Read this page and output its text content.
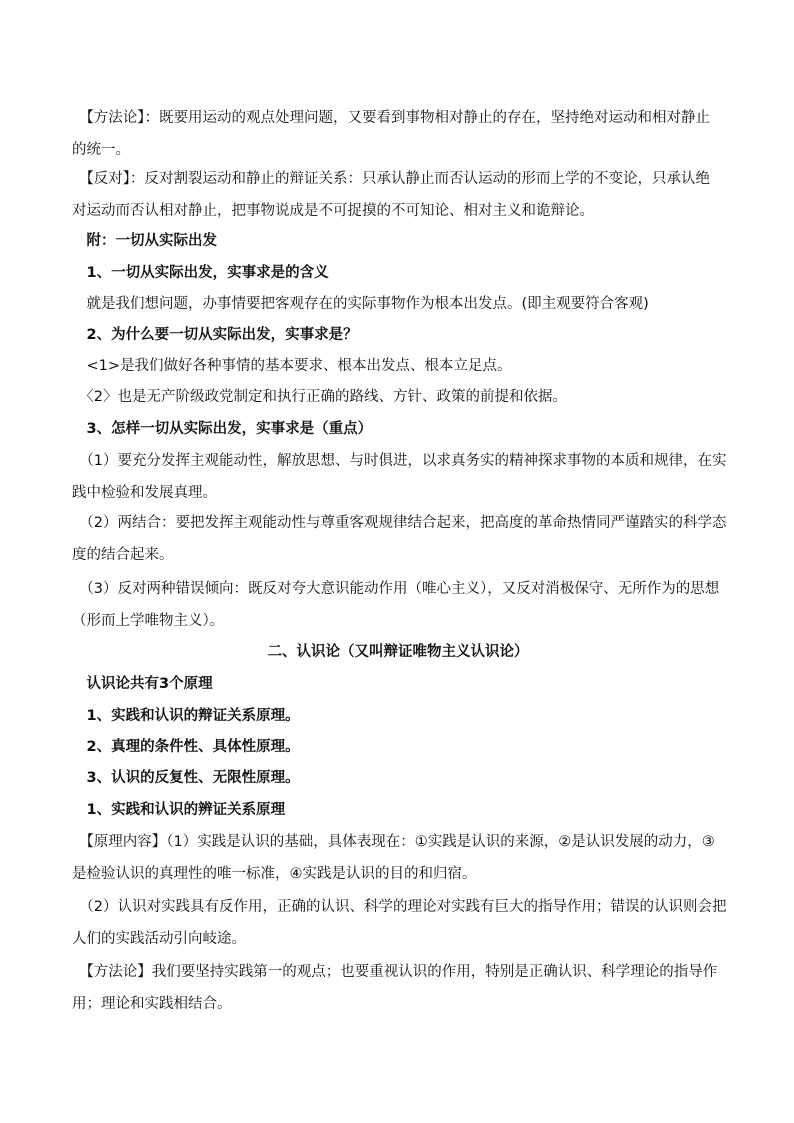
　【方法论】：既要用运动的观点处理问题，又要看到事物相对静止的存在，坚持绝对运动和相对静止
的统一。
　【反对】：反对割裂运动和静止的辩证关系：只承认静止而否认运动的形而上学的不变论，只承认绝
对运动而否认相对静止，把事物说成是不可捉摸的不可知论、相对主义和诡辩论。
　附：一切从实际出发
　1、一切从实际出发，实事求是的含义
　就是我们想问题，办事情要把客观存在的实际事物作为根本出发点。(即主观要符合客观)
　2、为什么要一切从实际出发，实事求是？
　<1>是我们做好各种事情的基本要求、根本出发点、根本立足点。
　〈2〉也是无产阶级政党制定和执行正确的路线、方针、政策的前提和依据。
　3、怎样一切从实际出发，实事求是（重点）
　（1）要充分发挥主观能动性，解放思想、与时俱进，以求真务实的精神探求事物的本质和规律，在实
践中检验和发展真理。
　（2）两结合：要把发挥主观能动性与尊重客观规律结合起来，把高度的革命热情同严谨踏实的科学态
度的结合起来。
　（3）反对两种错误倾向：既反对夸大意识能动作用（唯心主义），又反对消极保守、无所作为的思想
（形而上学唯物主义）。
二、认识论（又叫辩证唯物主义认识论）
　认识论共有3个原理
　1、实践和认识的辩证关系原理。
　2、真理的条件性、具体性原理。
　3、认识的反复性、无限性原理。
　1、实践和认识的辨证关系原理
　【原理内容】（1）实践是认识的基础，具体表现在：①实践是认识的来源，②是认识发展的动力，③
是检验认识的真理性的唯一标准，④实践是认识的目的和归宿。
　（2）认识对实践具有反作用，正确的认识、科学的理论对实践有巨大的指导作用；错误的认识则会把
人们的实践活动引向岐途。
　【方法论】我们要坚持实践第一的观点；也要重视认识的作用，特别是正确认识、科学理论的指导作
用；理论和实践相结合。
